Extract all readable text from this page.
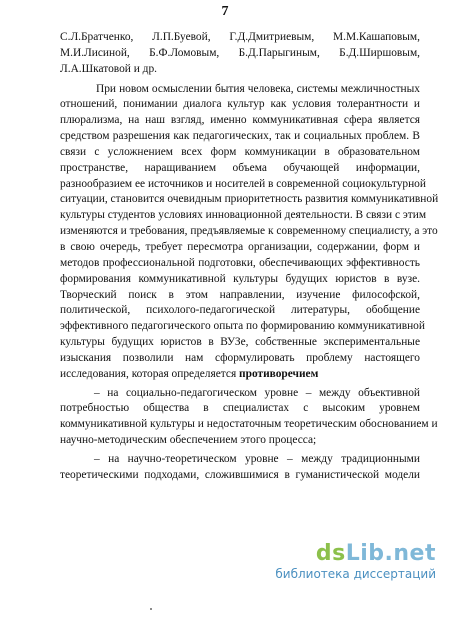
7
С.Л.Братченко, Л.П.Буевой, Г.Д.Дмитриевым, М.М.Кашаповым,
М.И.Лисиной, Б.Ф.Ломовым, Б.Д.Парыгиным, Б.Д.Ширшовым,
Л.А.Шкатовой и др.
При новом осмыслении бытия человека, системы межличностных
отношений, понимании диалога культур как условия толерантности и
плюрализма, на наш взгляд, именно коммуникативная сфера является
средством разрешения как педагогических, так и социальных проблем. В
связи с усложнением всех форм коммуникации в образовательном
пространстве, наращиванием объема обучающей информации,
разнообразием ее источников и носителей в современной социокультурной
ситуации, становится очевидным приоритетность развития коммуникативной
культуры студентов условиях инновационной деятельности. В связи с этим
изменяются и требования, предъявляемые к современному специалисту, а это
в свою очередь, требует пересмотра организации, содержании, форм и
методов профессиональной подготовки, обеспечивающих эффективность
формирования коммуникативной культуры будущих юристов в вузе.
Творческий поиск в этом направлении, изучение философской,
политической, психолого-педагогической литературы, обобщение
эффективного педагогического опыта по формированию коммуникативной
культуры будущих юристов в ВУЗе, собственные экспериментальные
изыскания позволили нам сформулировать проблему настоящего
исследования, которая определяется противоречием
– на социально-педагогическом уровне – между объективной
потребностью общества в специалистах с высоким уровнем
коммуникативной культуры и недостаточным теоретическим обоснованием и
научно-методическим обеспечением этого процесса;
– на научно-теоретическом уровне – между традиционными
теоретическими подходами, сложившимися в гуманистической модели
dsLib.net
библиотека диссертаций
